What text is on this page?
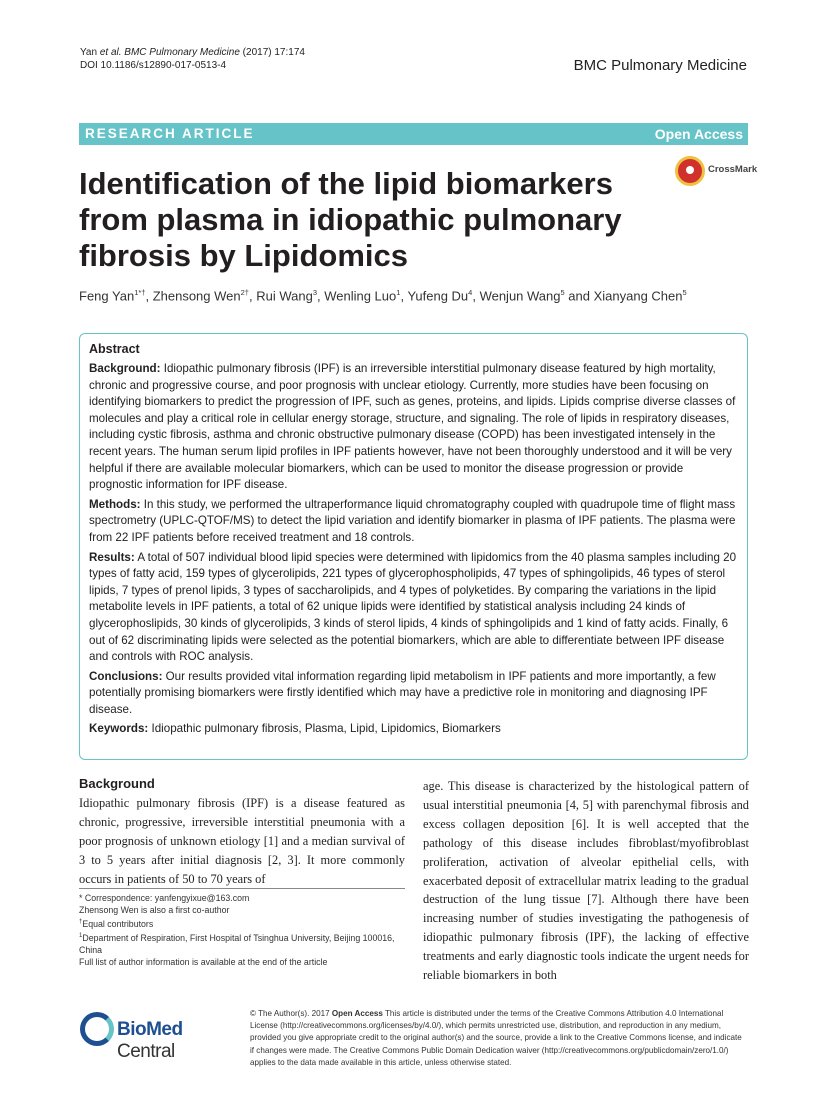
Yan et al. BMC Pulmonary Medicine (2017) 17:174
DOI 10.1186/s12890-017-0513-4	BMC Pulmonary Medicine
RESEARCH ARTICLE	Open Access
CrossMark
Identification of the lipid biomarkers from plasma in idiopathic pulmonary fibrosis by Lipidomics
Feng Yan$^{1*\dagger}$, Zhensong Wen$^{2\dagger}$, Rui Wang$^3$, Wenling Luo$^1$, Yufeng Du$^4$, Wenjun Wang$^5$ and Xianyang Chen$^5$
Abstract

Background: Idiopathic pulmonary fibrosis (IPF) is an irreversible interstitial pulmonary disease featured by high mortality, chronic and progressive course, and poor prognosis with unclear etiology. Currently, more studies have been focusing on identifying biomarkers to predict the progression of IPF, such as genes, proteins, and lipids. Lipids comprise diverse classes of molecules and play a critical role in cellular energy storage, structure, and signaling. The role of lipids in respiratory diseases, including cystic fibrosis, asthma and chronic obstructive pulmonary disease (COPD) has been investigated intensely in the recent years. The human serum lipid profiles in IPF patients however, have not been thoroughly understood and it will be very helpful if there are available molecular biomarkers, which can be used to monitor the disease progression or provide prognostic information for IPF disease.

Methods: In this study, we performed the ultraperformance liquid chromatography coupled with quadrupole time of flight mass spectrometry (UPLC-QTOF/MS) to detect the lipid variation and identify biomarker in plasma of IPF patients. The plasma were from 22 IPF patients before received treatment and 18 controls.

Results: A total of 507 individual blood lipid species were determined with lipidomics from the 40 plasma samples including 20 types of fatty acid, 159 types of glycerolipids, 221 types of glycerophospholipids, 47 types of sphingolipids, 46 types of sterol lipids, 7 types of prenol lipids, 3 types of saccharolipids, and 4 types of polyketides. By comparing the variations in the lipid metabolite levels in IPF patients, a total of 62 unique lipids were identified by statistical analysis including 24 kinds of glycerophoslipids, 30 kinds of glycerolipids, 3 kinds of sterol lipids, 4 kinds of sphingolipids and 1 kind of fatty acids. Finally, 6 out of 62 discriminating lipids were selected as the potential biomarkers, which are able to differentiate between IPF disease and controls with ROC analysis.

Conclusions: Our results provided vital information regarding lipid metabolism in IPF patients and more importantly, a few potentially promising biomarkers were firstly identified which may have a predictive role in monitoring and diagnosing IPF disease.

Keywords: Idiopathic pulmonary fibrosis, Plasma, Lipid, Lipidomics, Biomarkers

Background

Idiopathic pulmonary fibrosis (IPF) is a disease featured as chronic, progressive, irreversible interstitial pneumonia with a poor prognosis of unknown etiology [1] and a median survival of 3 to 5 years after initial diagnosis [2, 3]. It more commonly occurs in patients of 50 to 70 years of

age. This disease is characterized by the histological pattern of usual interstitial pneumonia [4, 5] with parenchymal fibrosis and excess collagen deposition [6]. It is well accepted that the pathology of this disease includes fibroblast/myofibroblast proliferation, activation of alveolar epithelial cells, with exacerbated deposit of extracellular matrix leading to the gradual destruction of the lung tissue [7]. Although there have been increasing number of studies investigating the pathogenesis of idiopathic pulmonary fibrosis (IPF), the lacking of effective treatments and early diagnostic tools indicate the urgent needs for reliable biomarkers in both

* Correspondence: yanfengyixue@163.com

Zhensong Wen is also a first co-author

†Equal contributors

$^1$Department of Respiration, First Hospital of Tsinghua University, Beijing 100016, China

Full list of author information is available at the end of the article

BioMed Central
© The Author(s). 2017 Open Access This article is distributed under the terms of the Creative Commons Attribution 4.0 International License (http://creativecommons.org/licenses/by/4.0/), which permits unrestricted use, distribution, and reproduction in any medium, provided you give appropriate credit to the original author(s) and the source, provide a link to the Creative Commons license, and indicate if changes were made. The Creative Commons Public Domain Dedication waiver (http://creativecommons.org/publicdomain/zero/1.0/) applies to the data made available in this article, unless otherwise stated.
